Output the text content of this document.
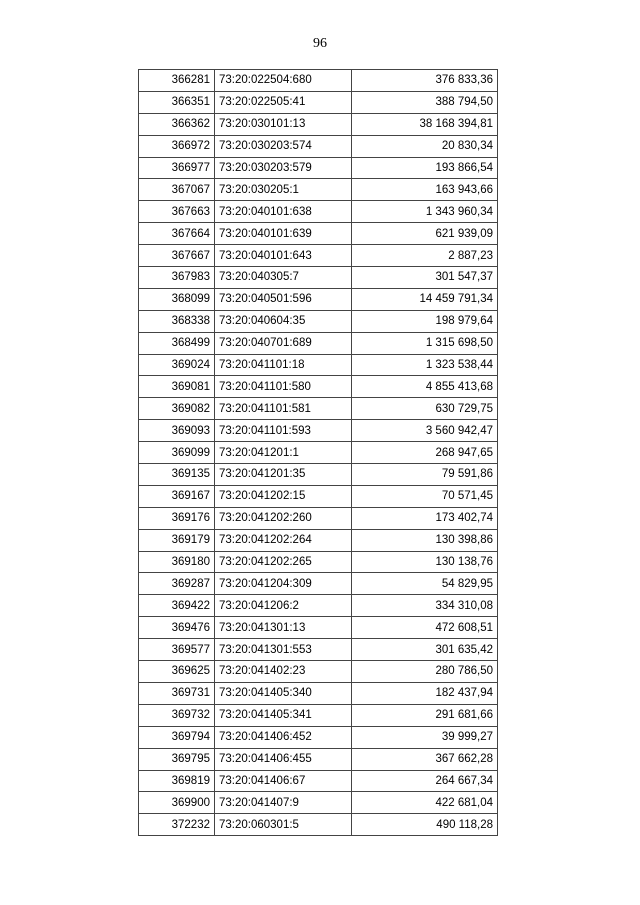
96
366281	73:20:022504:680	376 833,36
366351	73:20:022505:41	388 794,50
366362	73:20:030101:13	38 168 394,81
366972	73:20:030203:574	20 830,34
366977	73:20:030203:579	193 866,54
367067	73:20:030205:1	163 943,66
367663	73:20:040101:638	1 343 960,34
367664	73:20:040101:639	621 939,09
367667	73:20:040101:643	2 887,23
367983	73:20:040305:7	301 547,37
368099	73:20:040501:596	14 459 791,34
368338	73:20:040604:35	198 979,64
368499	73:20:040701:689	1 315 698,50
369024	73:20:041101:18	1 323 538,44
369081	73:20:041101:580	4 855 413,68
369082	73:20:041101:581	630 729,75
369093	73:20:041101:593	3 560 942,47
369099	73:20:041201:1	268 947,65
369135	73:20:041201:35	79 591,86
369167	73:20:041202:15	70 571,45
369176	73:20:041202:260	173 402,74
369179	73:20:041202:264	130 398,86
369180	73:20:041202:265	130 138,76
369287	73:20:041204:309	54 829,95
369422	73:20:041206:2	334 310,08
369476	73:20:041301:13	472 608,51
369577	73:20:041301:553	301 635,42
369625	73:20:041402:23	280 786,50
369731	73:20:041405:340	182 437,94
369732	73:20:041405:341	291 681,66
369794	73:20:041406:452	39 999,27
369795	73:20:041406:455	367 662,28
369819	73:20:041406:67	264 667,34
369900	73:20:041407:9	422 681,04
372232	73:20:060301:5	490 118,28
